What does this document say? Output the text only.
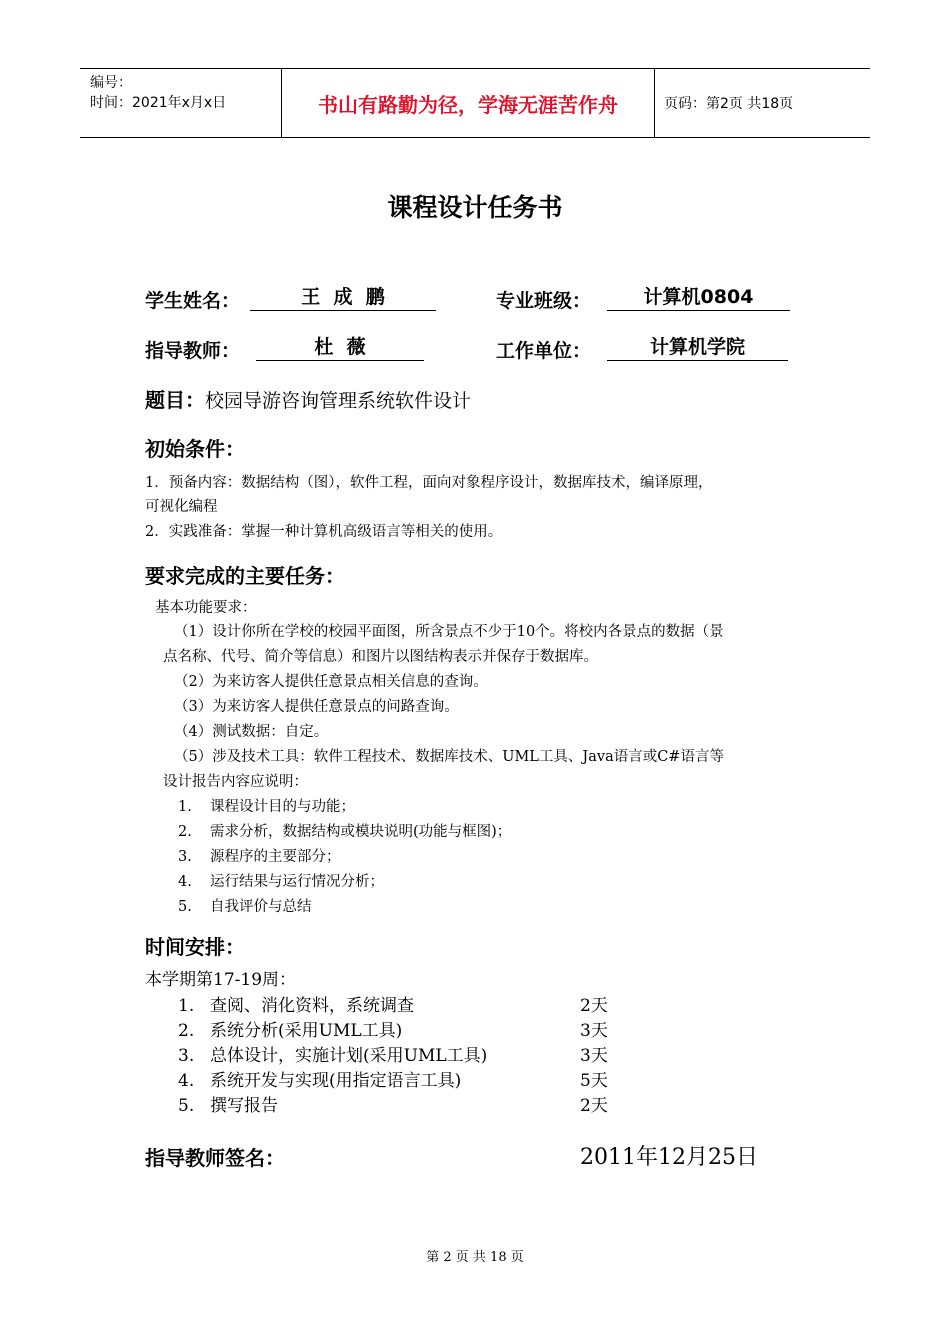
编号：
时间：2021年x月x日	书山有路勤为径，学海无涯苦作舟	页码：第2页 共18页
课程设计任务书
学生姓名：	王  成  鹏	专业班级：	计算机0804
指导教师：	杜  薇	工作单位：	计算机学院
题目：校园导游咨询管理系统软件设计
初始条件：
1．预备内容：数据结构（图），软件工程，面向对象程序设计，数据库技术，编译原理，
可视化编程
2．实践准备：掌握一种计算机高级语言等相关的使用。
要求完成的主要任务：
基本功能要求：
（1）设计你所在学校的校园平面图，所含景点不少于10个。将校内各景点的数据（景
点名称、代号、简介等信息）和图片以图结构表示并保存于数据库。
（2）为来访客人提供任意景点相关信息的查询。
（3）为来访客人提供任意景点的问路查询。
（4）测试数据：自定。
（5）涉及技术工具：软件工程技术、数据库技术、UML工具、Java语言或C#语言等
设计报告内容应说明：
1. 课程设计目的与功能；
2. 需求分析，数据结构或模块说明(功能与框图)；
3. 源程序的主要部分；
4. 运行结果与运行情况分析；
5. 自我评价与总结
时间安排：
本学期第17-19周：
1. 查阅、消化资料，系统调查	2天
2. 系统分析(采用UML工具)	3天
3. 总体设计，实施计划(采用UML工具)	3天
4. 系统开发与实现(用指定语言工具)	5天
5. 撰写报告	2天
指导教师签名：	2011年12月25日
第 2 页 共 18 页
